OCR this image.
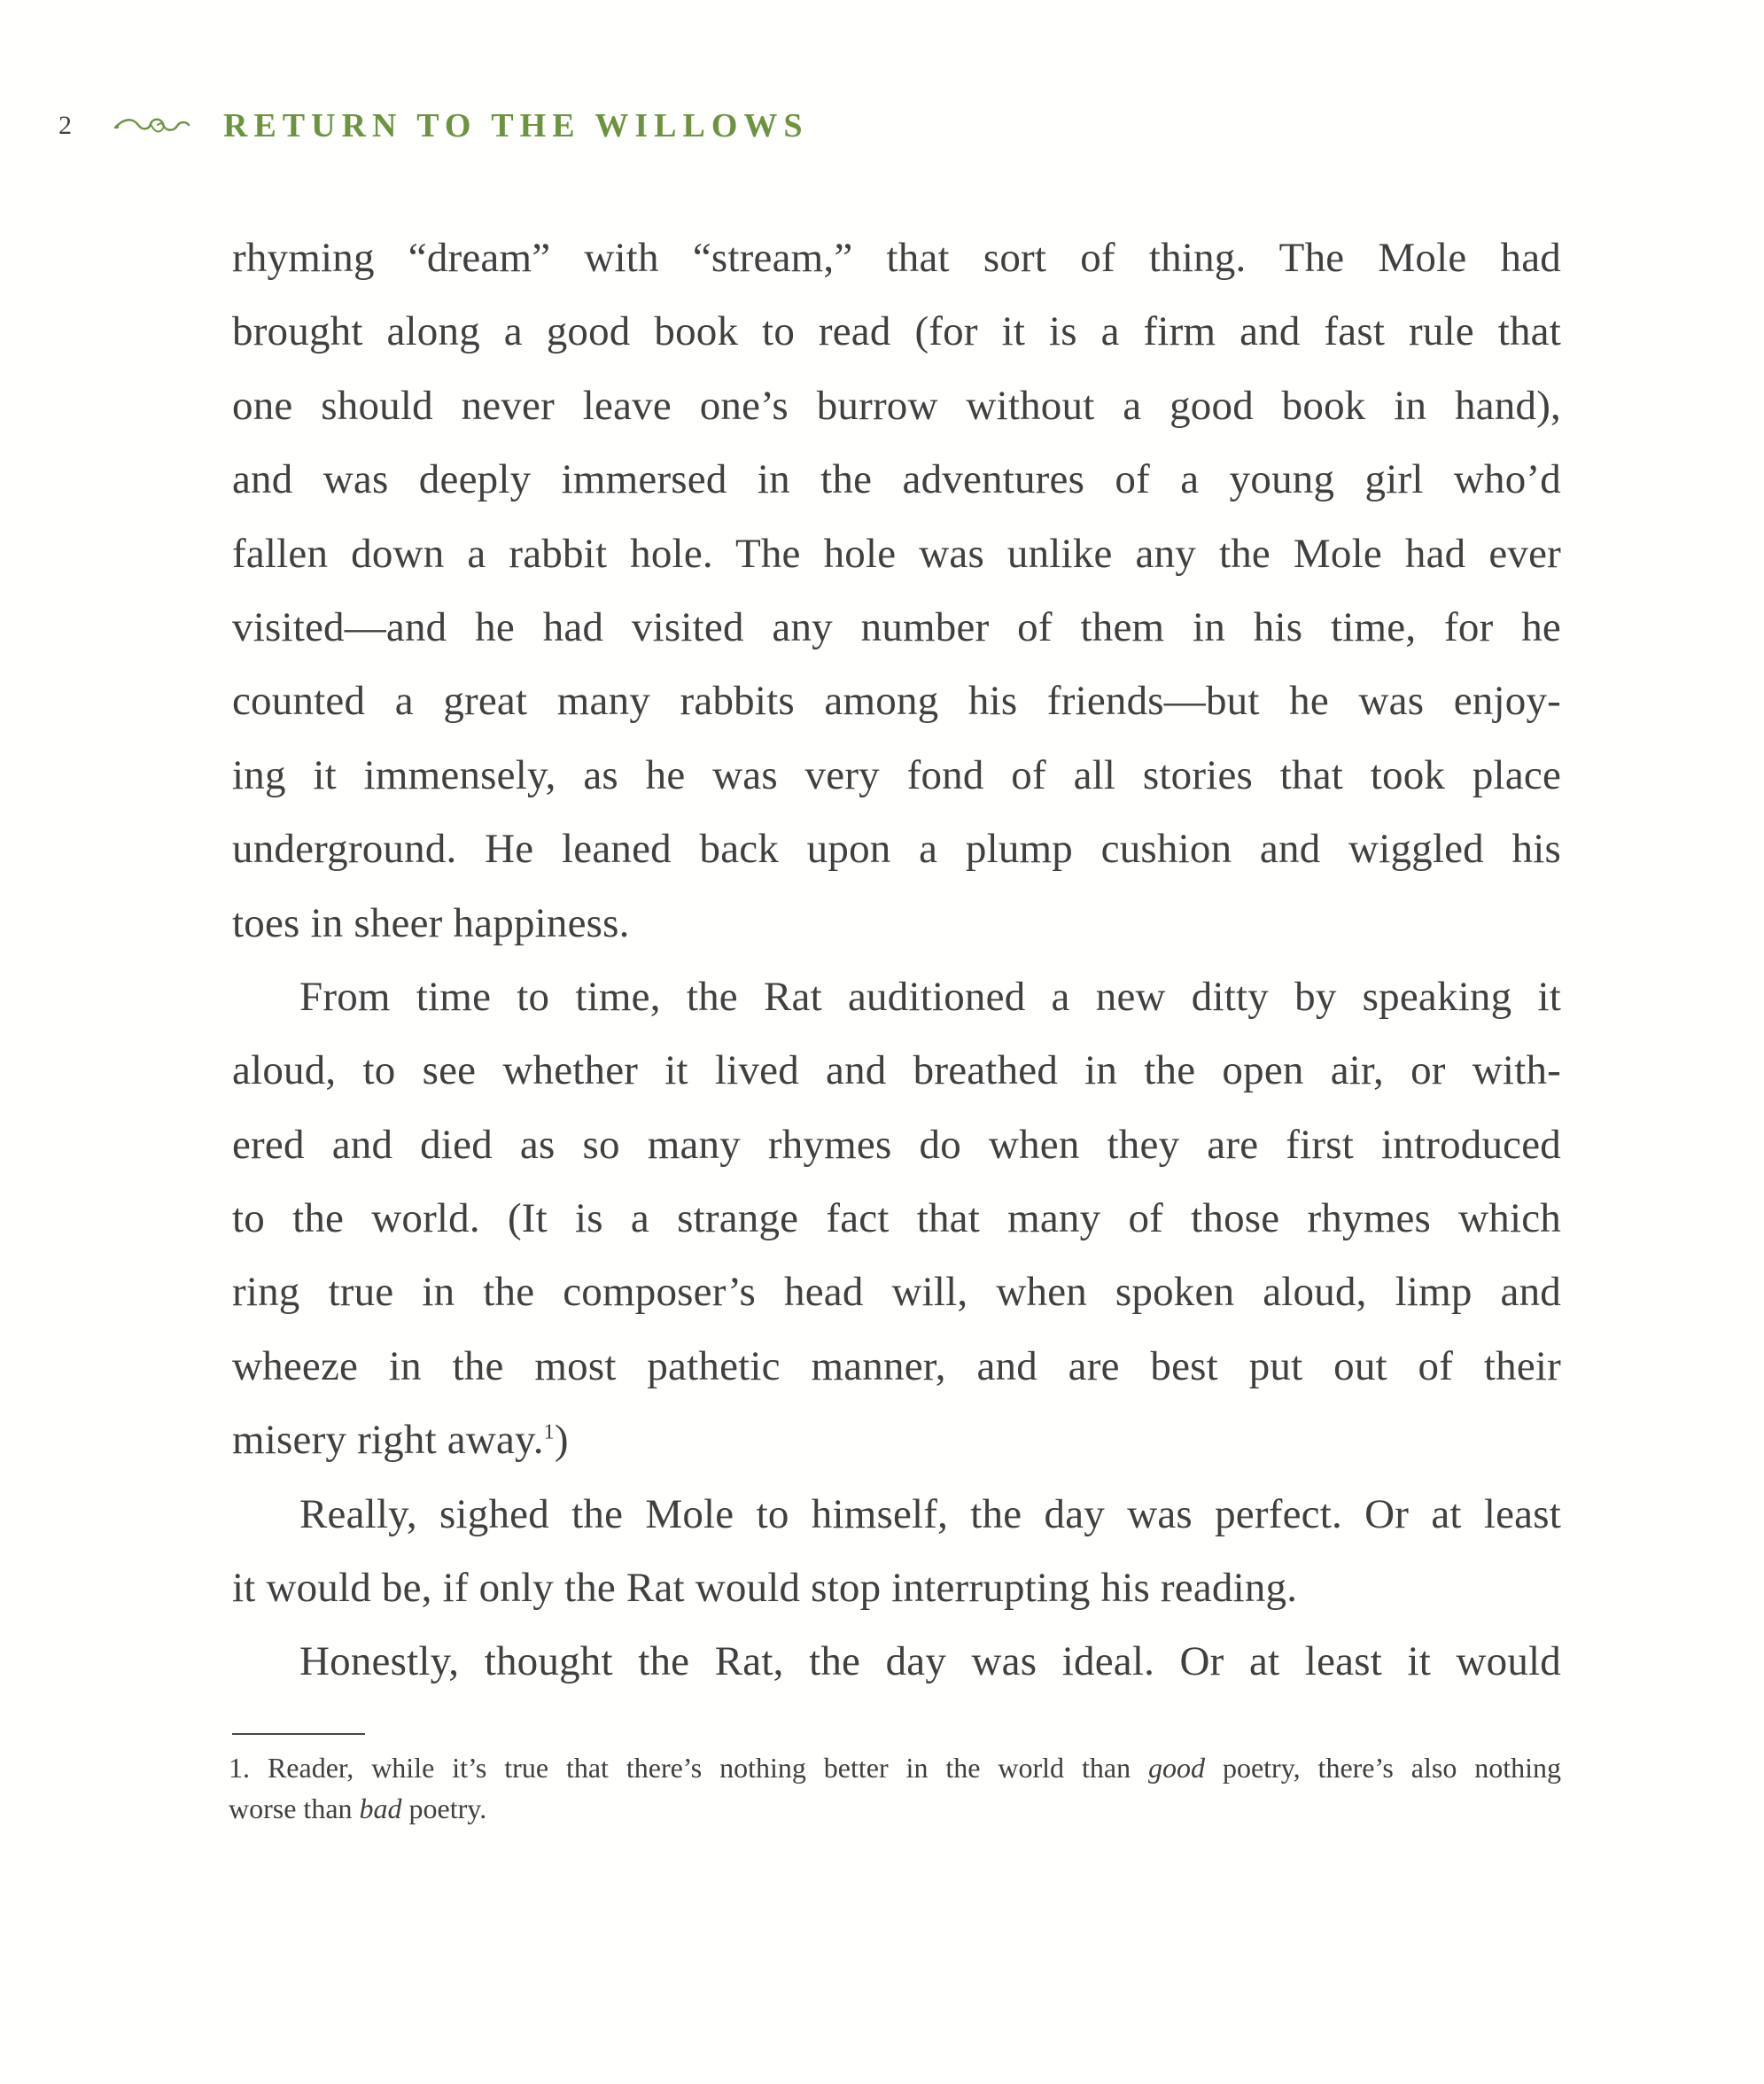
2	RETURN TO THE WILLOWS
rhyming “dream” with “stream,” that sort of thing. The Mole had
brought along a good book to read (for it is a firm and fast rule that
one should never leave one’s burrow without a good book in hand),
and was deeply immersed in the adventures of a young girl who’d
fallen down a rabbit hole. The hole was unlike any the Mole had ever
visited—and he had visited any number of them in his time, for he
counted a great many rabbits among his friends—but he was enjoy-
ing it immensely, as he was very fond of all stories that took place
underground. He leaned back upon a plump cushion and wiggled his
toes in sheer happiness.
From time to time, the Rat auditioned a new ditty by speaking it
aloud, to see whether it lived and breathed in the open air, or with-
ered and died as so many rhymes do when they are first introduced
to the world. (It is a strange fact that many of those rhymes which
ring true in the composer’s head will, when spoken aloud, limp and
wheeze in the most pathetic manner, and are best put out of their
misery right away.$^1$)
Really, sighed the Mole to himself, the day was perfect. Or at least
it would be, if only the Rat would stop interrupting his reading.
Honestly, thought the Rat, the day was ideal. Or at least it would
1. Reader, while it’s true that there’s nothing better in the world than good poetry, there’s also nothing
worse than bad poetry.
